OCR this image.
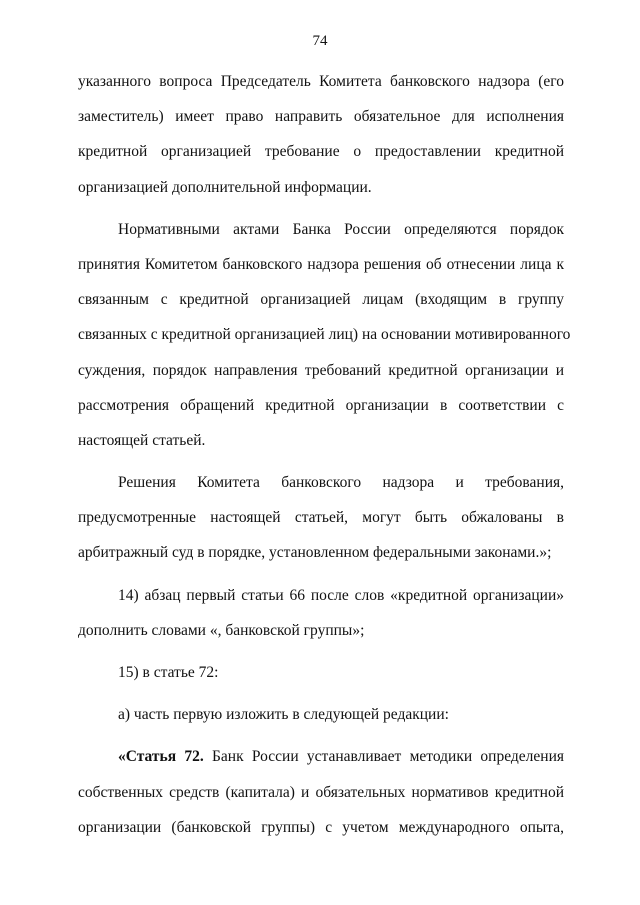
74
указанного вопроса Председатель Комитета банковского надзора (его
заместитель) имеет право направить обязательное для исполнения
кредитной организацией требование о предоставлении кредитной
организацией дополнительной информации.
Нормативными актами Банка России определяются порядок
принятия Комитетом банковского надзора решения об отнесении лица к
связанным с кредитной организацией лицам (входящим в группу
связанных с кредитной организацией лиц) на основании мотивированного
суждения, порядок направления требований кредитной организации и
рассмотрения обращений кредитной организации в соответствии с
настоящей статьей.
Решения Комитета банковского надзора и требования,
предусмотренные настоящей статьей, могут быть обжалованы в
арбитражный суд в порядке, установленном федеральными законами.»;
14) абзац первый статьи 66 после слов «кредитной организации»
дополнить словами «, банковской группы»;
15) в статье 72:
а) часть первую изложить в следующей редакции:
«Статья 72. Банк России устанавливает методики определения
собственных средств (капитала) и обязательных нормативов кредитной
организации (банковской группы) с учетом международного опыта,
